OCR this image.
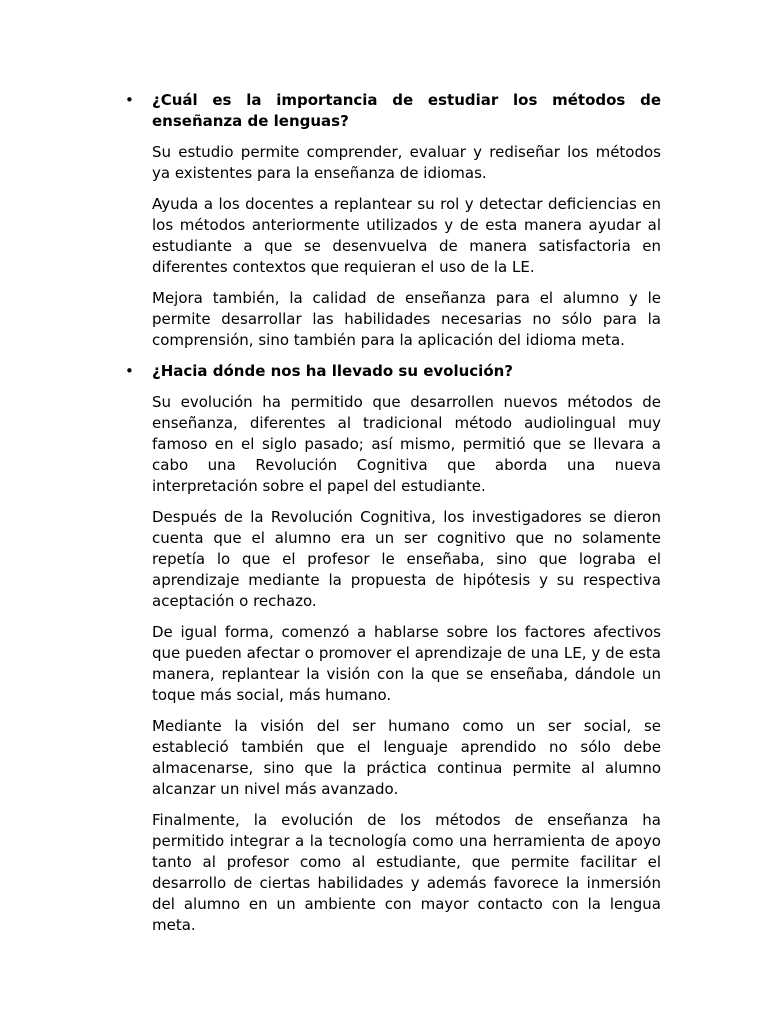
• ¿Cuál es la importancia de estudiar los métodos de enseñanza de lenguas?

Su estudio permite comprender, evaluar y rediseñar los métodos ya existentes para la enseñanza de idiomas.

Ayuda a los docentes a replantear su rol y detectar deficiencias en los métodos anteriormente utilizados y de esta manera ayudar al estudiante a que se desenvuelva de manera satisfactoria en diferentes contextos que requieran el uso de la LE.

Mejora también, la calidad de enseñanza para el alumno y le permite desarrollar las habilidades necesarias no sólo para la comprensión, sino también para la aplicación del idioma meta.

• ¿Hacia dónde nos ha llevado su evolución?

Su evolución ha permitido que desarrollen nuevos métodos de enseñanza, diferentes al tradicional método audiolingual muy famoso en el siglo pasado; así mismo, permitió que se llevara a cabo una Revolución Cognitiva que aborda una nueva interpretación sobre el papel del estudiante.

Después de la Revolución Cognitiva, los investigadores se dieron cuenta que el alumno era un ser cognitivo que no solamente repetía lo que el profesor le enseñaba, sino que lograba el aprendizaje mediante la propuesta de hipótesis y su respectiva aceptación o rechazo.

De igual forma, comenzó a hablarse sobre los factores afectivos que pueden afectar o promover el aprendizaje de una LE, y de esta manera, replantear la visión con la que se enseñaba, dándole un toque más social, más humano.

Mediante la visión del ser humano como un ser social, se estableció también que el lenguaje aprendido no sólo debe almacenarse, sino que la práctica continua permite al alumno alcanzar un nivel más avanzado.

Finalmente, la evolución de los métodos de enseñanza ha permitido integrar a la tecnología como una herramienta de apoyo tanto al profesor como al estudiante, que permite facilitar el desarrollo de ciertas habilidades y además favorece la inmersión del alumno en un ambiente con mayor contacto con la lengua meta.
